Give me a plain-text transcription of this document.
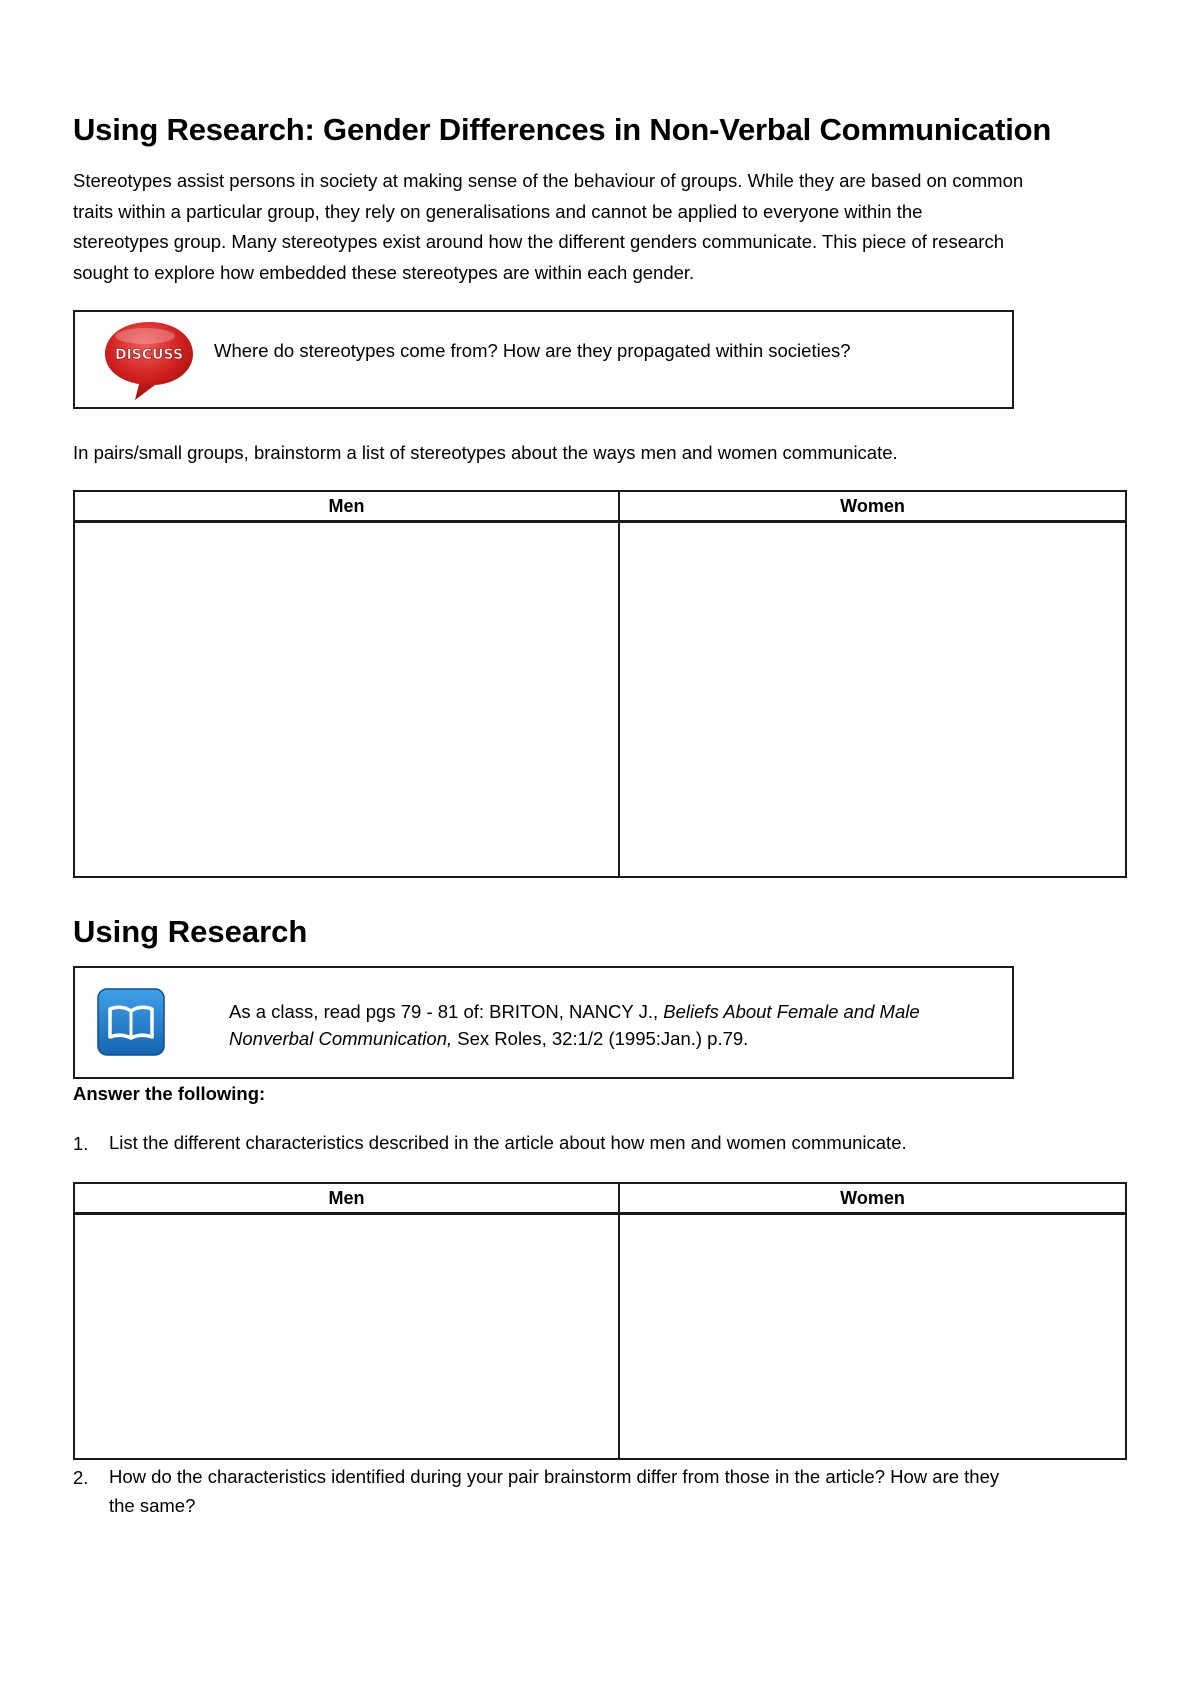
Using Research: Gender Differences in Non-Verbal Communication
Stereotypes assist persons in society at making sense of the behaviour of groups. While they are based on common
traits within a particular group, they rely on generalisations and cannot be applied to everyone within the
stereotypes group. Many stereotypes exist around how the different genders communicate. This piece of research
sought to explore how embedded these stereotypes are within each gender.
DISCUSS Where do stereotypes come from? How are they propagated within societies?
In pairs/small groups, brainstorm a list of stereotypes about the ways men and women communicate.
Men	Women

Using Research
As a class, read pgs 79 - 81 of: BRITON, NANCY J., Beliefs About Female and Male
Nonverbal Communication, Sex Roles, 32:1/2 (1995:Jan.) p.79.
Answer the following:
1. List the different characteristics described in the article about how men and women communicate.
Men	Women

2. How do the characteristics identified during your pair brainstorm differ from those in the article? How are they
the same?
